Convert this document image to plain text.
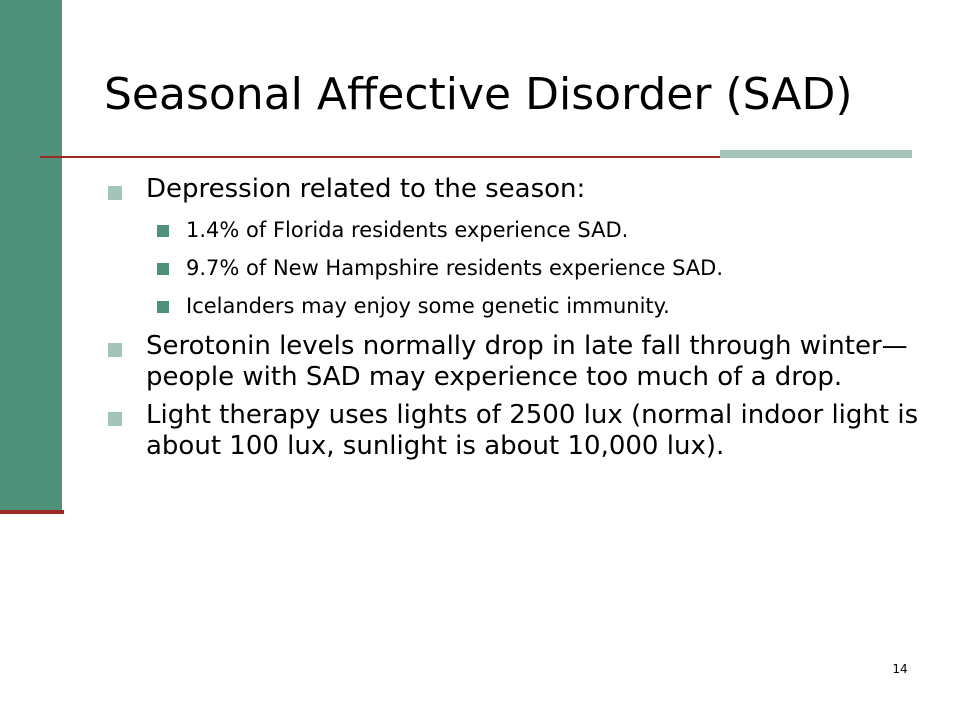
Seasonal Affective Disorder (SAD)
Depression related to the season:
1.4% of Florida residents experience SAD.
9.7% of New Hampshire residents experience SAD.
Icelanders may enjoy some genetic immunity.
Serotonin levels normally drop in late fall through winter—people with SAD may experience too much of a drop.
Light therapy uses lights of 2500 lux (normal indoor light is about 100 lux, sunlight is about 10,000 lux).
14
